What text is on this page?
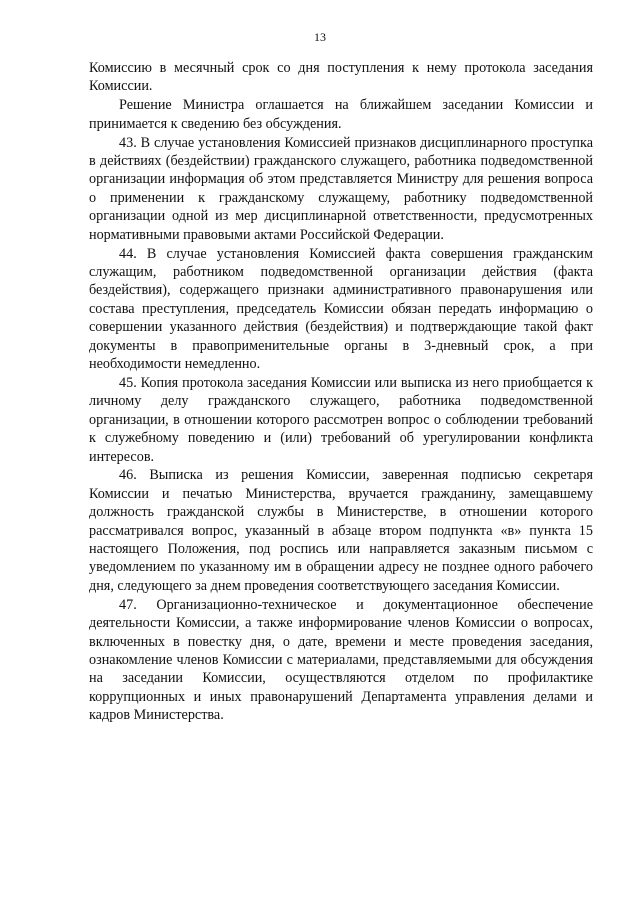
13

Комиссию в месячный срок со дня поступления к нему протокола заседания Комиссии.

Решение Министра оглашается на ближайшем заседании Комиссии и принимается к сведению без обсуждения.

43. В случае установления Комиссией признаков дисциплинарного проступка в действиях (бездействии) гражданского служащего, работника подведомственной организации информация об этом представляется Министру для решения вопроса о применении к гражданскому служащему, работнику подведомственной организации одной из мер дисциплинарной ответственности, предусмотренных нормативными правовыми актами Российской Федерации.

44. В случае установления Комиссией факта совершения гражданским служащим, работником подведомственной организации действия (факта бездействия), содержащего признаки административного правонарушения или состава преступления, председатель Комиссии обязан передать информацию о совершении указанного действия (бездействия) и подтверждающие такой факт документы в правоприменительные органы в 3-дневный срок, а при необходимости немедленно.

45. Копия протокола заседания Комиссии или выписка из него приобщается к личному делу гражданского служащего, работника подведомственной организации, в отношении которого рассмотрен вопрос о соблюдении требований к служебному поведению и (или) требований об урегулировании конфликта интересов.

46. Выписка из решения Комиссии, заверенная подписью секретаря Комиссии и печатью Министерства, вручается гражданину, замещавшему должность гражданской службы в Министерстве, в отношении которого рассматривался вопрос, указанный в абзаце втором подпункта «в» пункта 15 настоящего Положения, под роспись или направляется заказным письмом с уведомлением по указанному им в обращении адресу не позднее одного рабочего дня, следующего за днем проведения соответствующего заседания Комиссии.

47. Организационно-техническое и документационное обеспечение деятельности Комиссии, а также информирование членов Комиссии о вопросах, включенных в повестку дня, о дате, времени и месте проведения заседания, ознакомление членов Комиссии с материалами, представляемыми для обсуждения на заседании Комиссии, осуществляются отделом по профилактике коррупционных и иных правонарушений Департамента управления делами и кадров Министерства.
